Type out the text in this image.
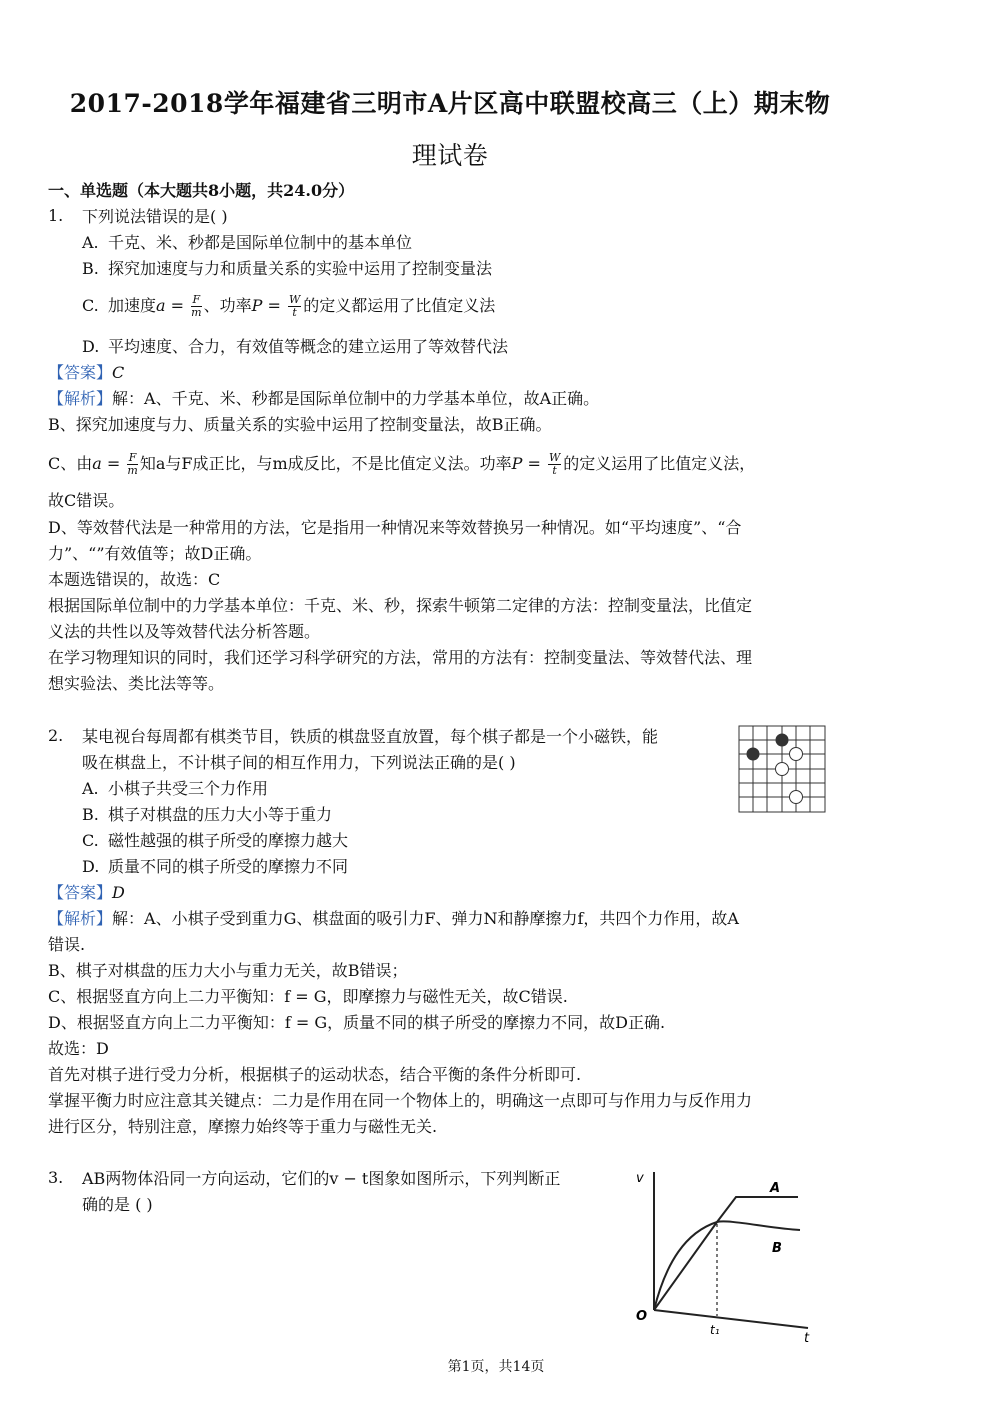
2017-2018学年福建省三明市A片区高中联盟校高三（上）期末物
理试卷
一、单选题（本大题共8小题，共24.0分）
1. 下列说法错误的是( )
A. 千克、米、秒都是国际单位制中的基本单位
B. 探究加速度与力和质量关系的实验中运用了控制变量法
C. 加速度$a = \frac{F}{m}$ 、功率$P = \frac{W}{t}$ 的定义都运用了比值定义法
D. 平均速度、合力，有效值等概念的建立运用了等效替代法
【答案】C
【解析】解：A、千克、米、秒都是国际单位制中的力学基本单位，故A正确。
B、探究加速度与力、质量关系的实验中运用了控制变量法，故B正确。
C、由$a = \frac{F}{m}$ 知a与F成正比，与m成反比，不是比值定义法。功率$P = \frac{W}{t}$ 的定义运用了比值定义法，
故C错误。
D、等效替代法是一种常用的方法，它是指用一种情况来等效替换另一种情况。如“平均速度”、“合
力”、“”有效值等；故D正确。
本题选错误的，故选：C
根据国际单位制中的力学基本单位：千克、米、秒，探索牛顿第二定律的方法：控制变量法，比值定
义法的共性以及等效替代法分析答题。
在学习物理知识的同时，我们还学习科学研究的方法，常用的方法有：控制变量法、等效替代法、理
想实验法、类比法等等。
2. 某电视台每周都有棋类节目，铁质的棋盘竖直放置，每个棋子都是一个小磁铁，能
吸在棋盘上，不计棋子间的相互作用力，下列说法正确的是( )
A. 小棋子共受三个力作用
B. 棋子对棋盘的压力大小等于重力
C. 磁性越强的棋子所受的摩擦力越大
D. 质量不同的棋子所受的摩擦力不同
【答案】D
【解析】解：A、小棋子受到重力G、棋盘面的吸引力F、弹力N和静摩擦力f，共四个力作用，故A
错误.
B、棋子对棋盘的压力大小与重力无关，故B错误；
C、根据竖直方向上二力平衡知：f = G，即摩擦力与磁性无关，故C错误.
D、根据竖直方向上二力平衡知：f = G，质量不同的棋子所受的摩擦力不同，故D正确.
故选：D
首先对棋子进行受力分析，根据棋子的运动状态，结合平衡的条件分析即可.
掌握平衡力时应注意其关键点：二力是作用在同一个物体上的，明确这一点即可与作用力与反作用力
进行区分，特别注意，摩擦力始终等于重力与磁性无关.
3. AB两物体沿同一方向运动，它们的v − t图象如图所示，下列判断正
确的是 ( )
v
t
O
t₁
A
B
第1页，共14页
